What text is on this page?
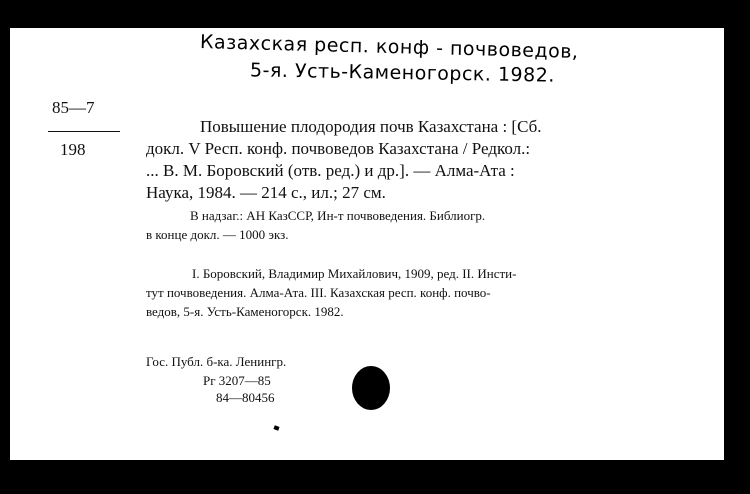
Казахская респ. конф - почвоведов,
5-я. Усть-Каменогорск. 1982.
85—7
198
Повышение плодородия почв Казахстана : [Сб.
докл. V Респ. конф. почвоведов Казахстана / Редкол.:
... В. М. Боровский (отв. ред.) и др.]. — Алма-Ата :
Наука, 1984. — 214 с., ил.; 27 см.
В надзаг.: АН КазССР, Ин-т почвоведения. Библиогр.
в конце докл. — 1000 экз.
I. Боровский, Владимир Михайлович, 1909, ред. II. Инсти-
тут почвоведения. Алма-Ата. III. Казахская респ. конф. почво-
ведов, 5-я. Усть-Каменогорск. 1982.
Гос. Публ. б-ка. Ленингр.
Рг 3207—85
84—80456
